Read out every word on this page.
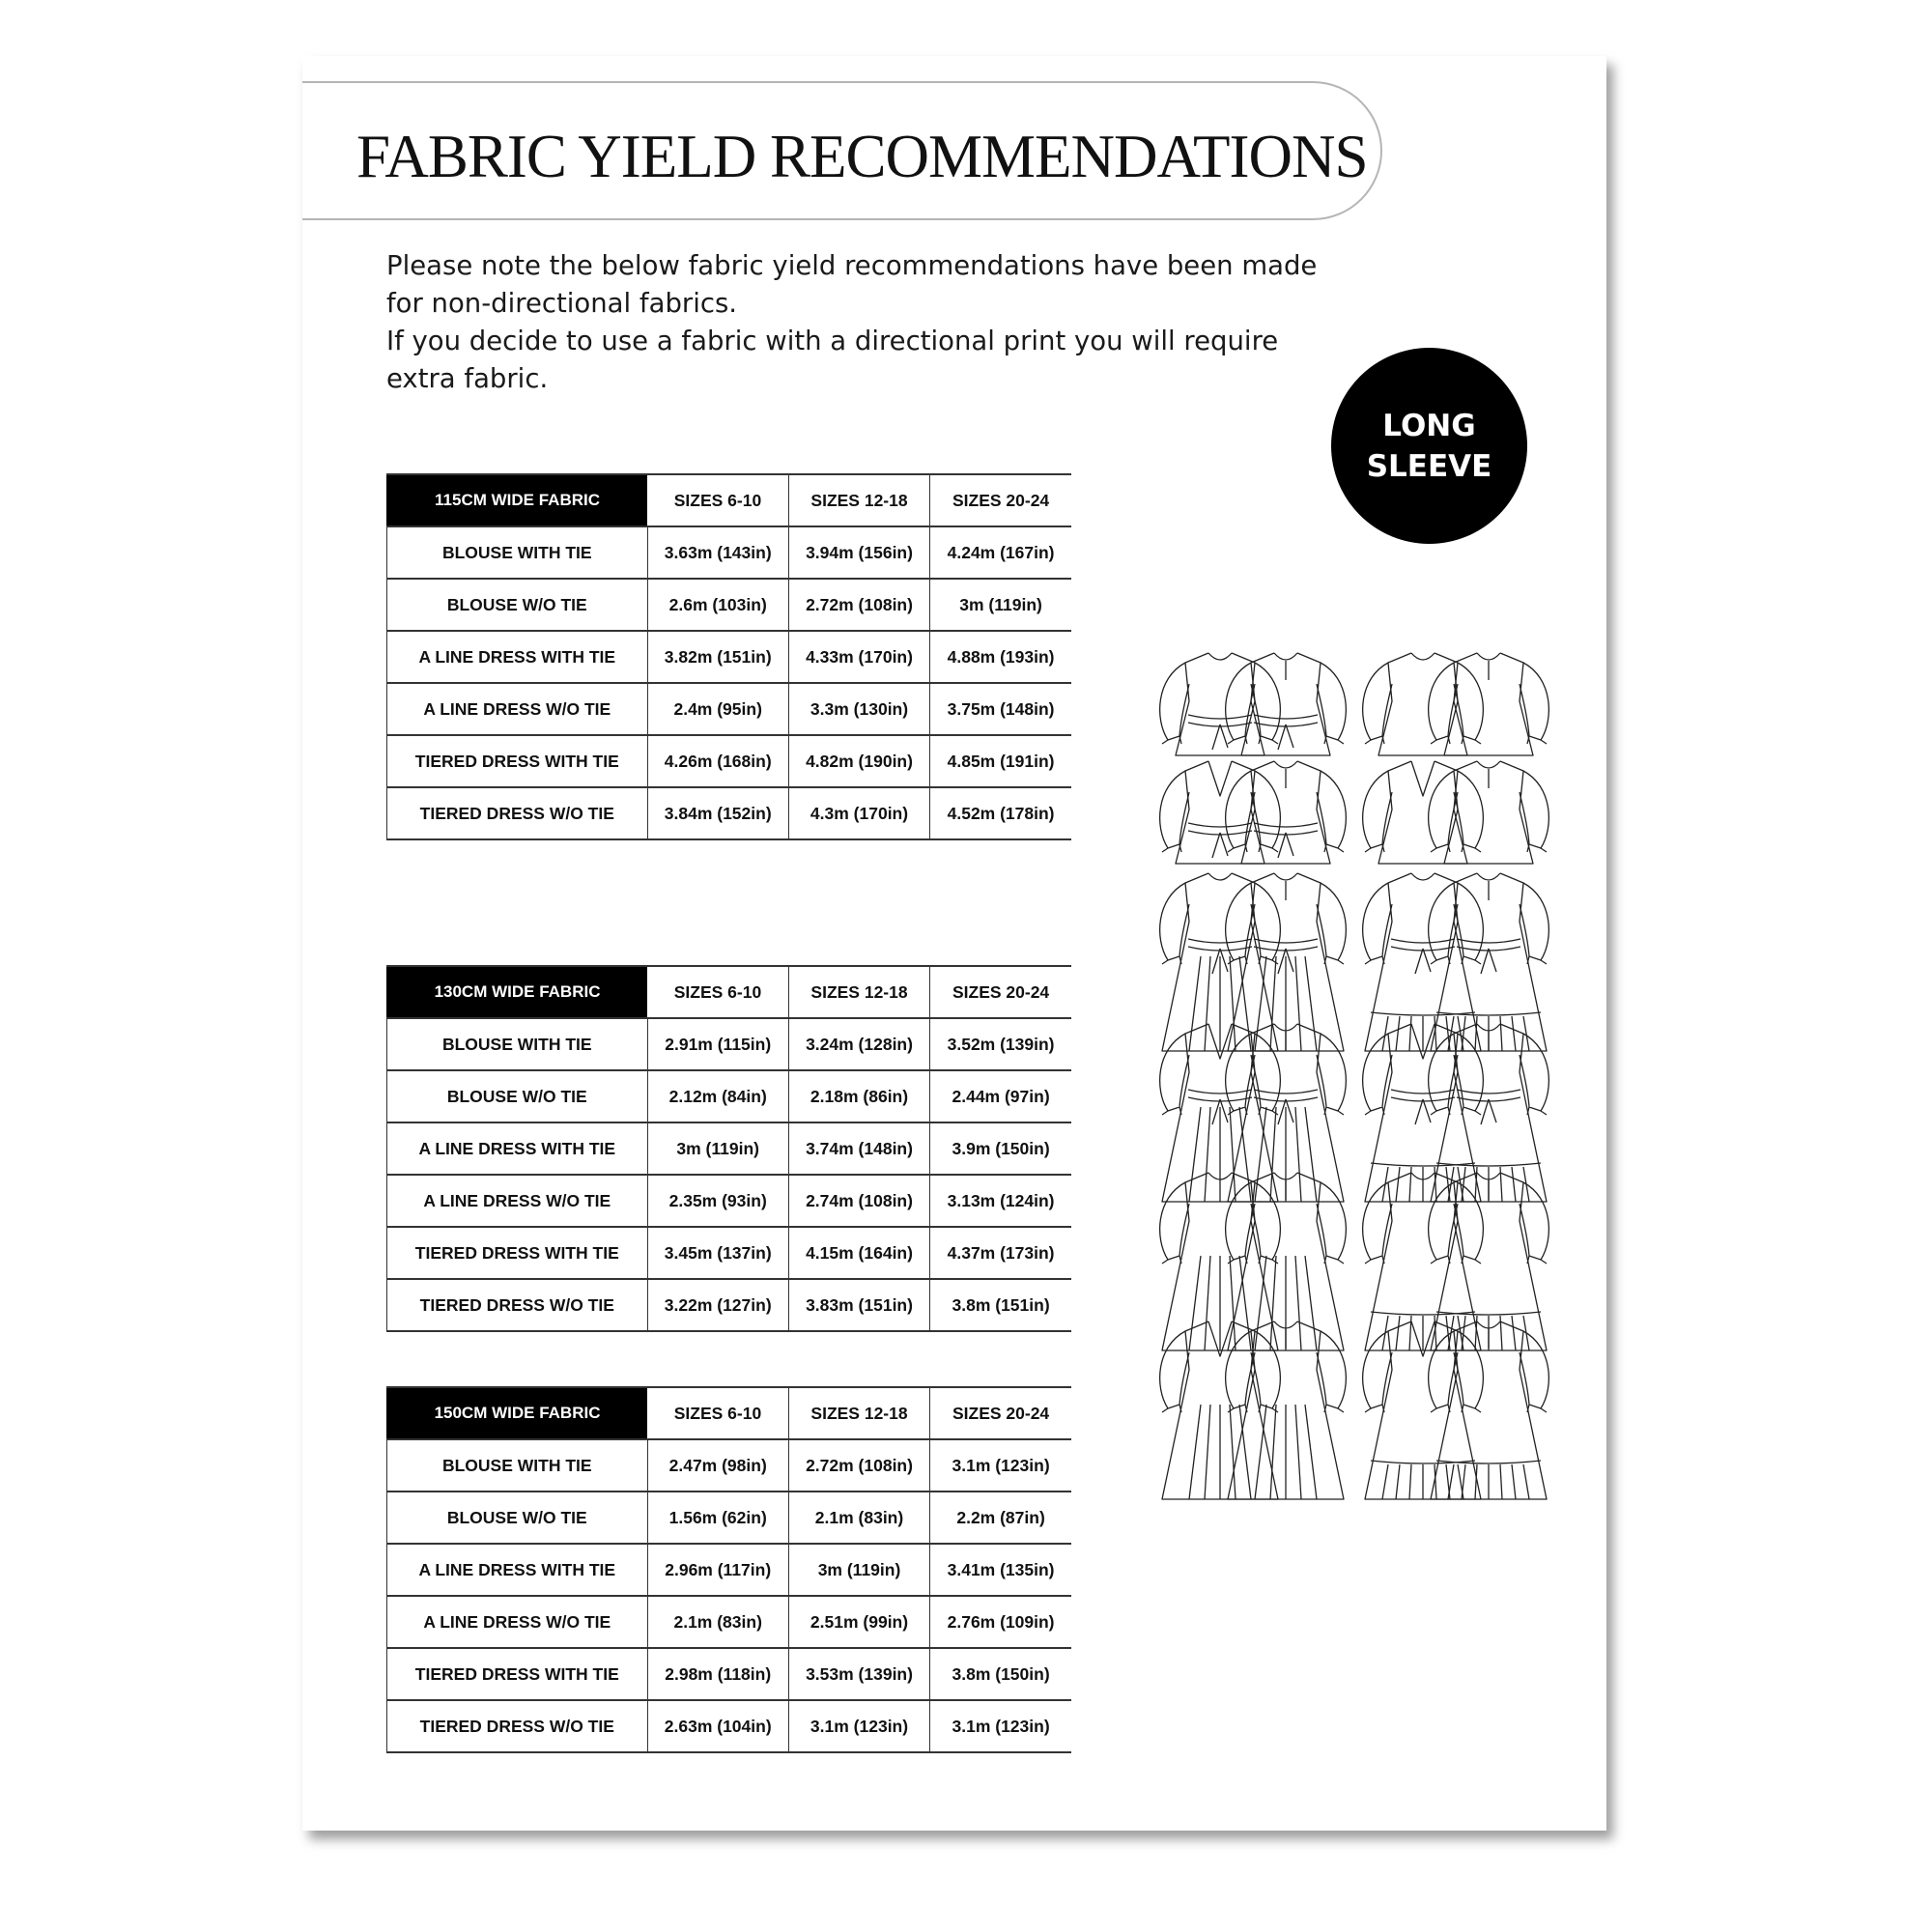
FABRIC YIELD RECOMMENDATIONS

Please note the below fabric yield recommendations have been made for non-directional fabrics.

If you decide to use a fabric with a directional print you will require extra fabric.

LONG
SLEEVE
115CM WIDE FABRIC	SIZES 6-10	SIZES 12-18	SIZES 20-24
BLOUSE WITH TIE	3.63m (143in)	3.94m (156in)	4.24m (167in)
BLOUSE W/O TIE	2.6m (103in)	2.72m (108in)	3m (119in)
A LINE DRESS WITH TIE	3.82m (151in)	4.33m (170in)	4.88m (193in)
A LINE DRESS W/O TIE	2.4m (95in)	3.3m (130in)	3.75m (148in)
TIERED DRESS WITH TIE	4.26m (168in)	4.82m (190in)	4.85m (191in)
TIERED DRESS W/O TIE	3.84m (152in)	4.3m (170in)	4.52m (178in)
130CM WIDE FABRIC	SIZES 6-10	SIZES 12-18	SIZES 20-24
BLOUSE WITH TIE	2.91m (115in)	3.24m (128in)	3.52m (139in)
BLOUSE W/O TIE	2.12m (84in)	2.18m (86in)	2.44m (97in)
A LINE DRESS WITH TIE	3m (119in)	3.74m (148in)	3.9m (150in)
A LINE DRESS W/O TIE	2.35m (93in)	2.74m (108in)	3.13m (124in)
TIERED DRESS WITH TIE	3.45m (137in)	4.15m (164in)	4.37m (173in)
TIERED DRESS W/O TIE	3.22m (127in)	3.83m (151in)	3.8m (151in)
150CM WIDE FABRIC	SIZES 6-10	SIZES 12-18	SIZES 20-24
BLOUSE WITH TIE	2.47m (98in)	2.72m (108in)	3.1m (123in)
BLOUSE W/O TIE	1.56m (62in)	2.1m (83in)	2.2m (87in)
A LINE DRESS WITH TIE	2.96m (117in)	3m (119in)	3.41m (135in)
A LINE DRESS W/O TIE	2.1m (83in)	2.51m (99in)	2.76m (109in)
TIERED DRESS WITH TIE	2.98m (118in)	3.53m (139in)	3.8m (150in)
TIERED DRESS W/O TIE	2.63m (104in)	3.1m (123in)	3.1m (123in)
